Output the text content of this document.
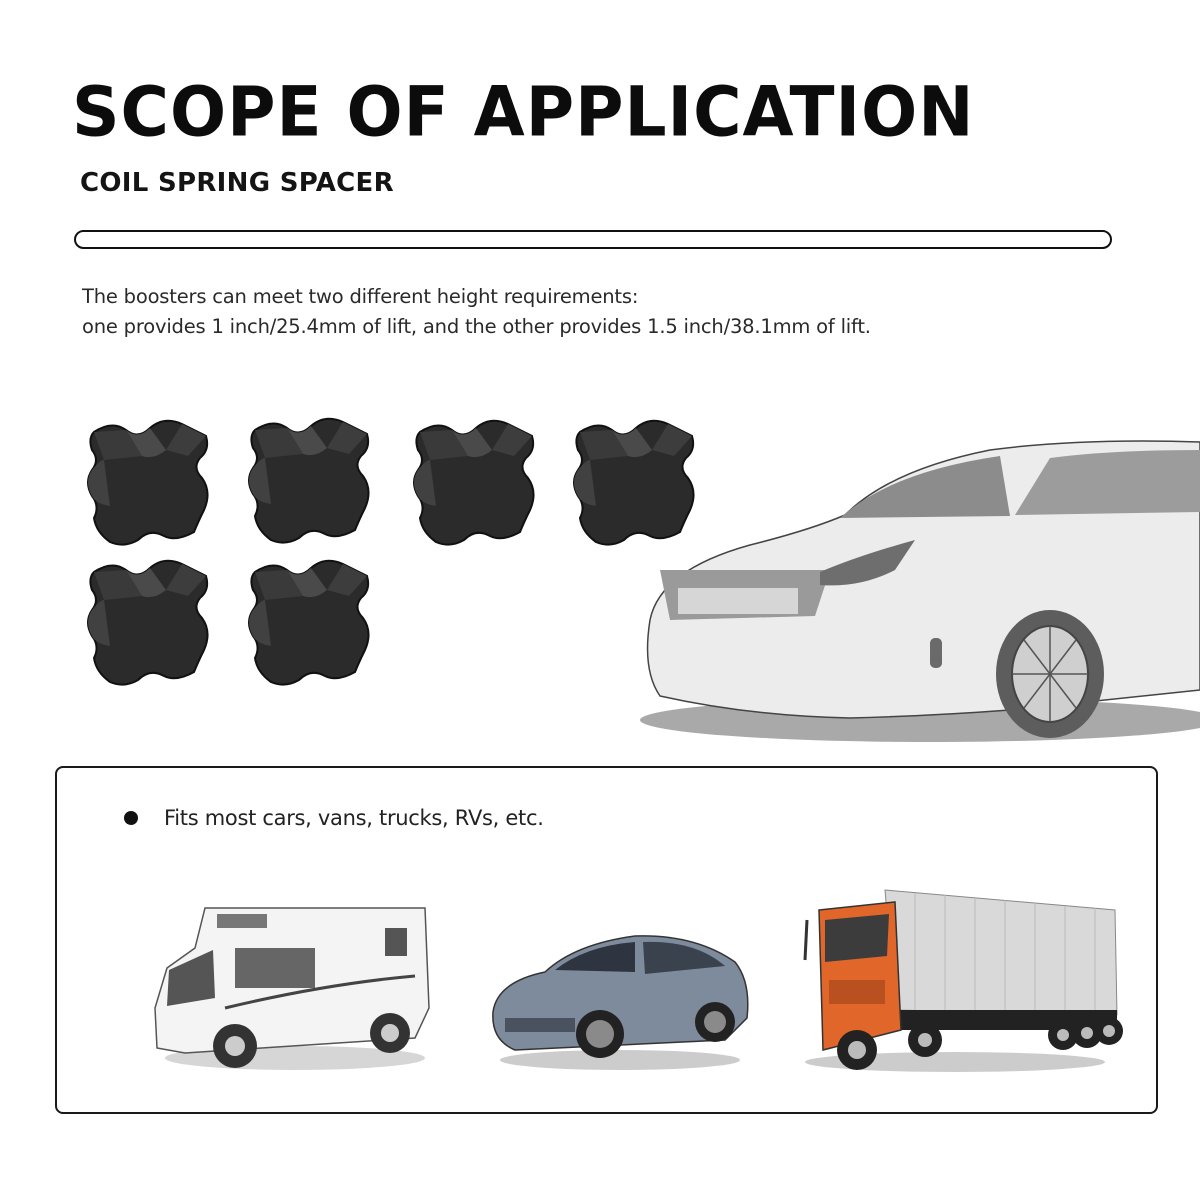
SCOPE OF APPLICATION
COIL SPRING SPACER
The boosters can meet two different height requirements:
one provides 1 inch/25.4mm of lift, and the other provides 1.5 inch/38.1mm of lift.
Fits most cars, vans, trucks, RVs, etc.
